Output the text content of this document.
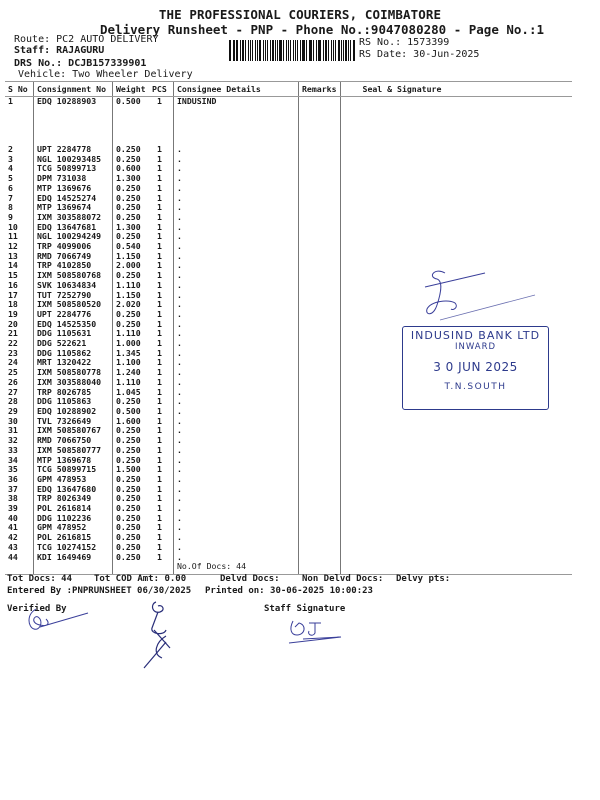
THE PROFESSIONAL COURIERS, COIMBATORE
Delivery Runsheet - PNP - Phone No.:9047080280 - Page No.:1
Route: PC2 AUTO DELIVERY
Staff: RAJAGURU
DRS No.: DCJB157339901
Vehicle: Two Wheeler Delivery
RS No.: 1573399
RS Date: 30-Jun-2025
S No	Consignment No	Weight	PCS	Consignee Details	Remarks	Seal & Signature
1	EDQ 10288903	0.500	1	INDUSIND		
2	UPT 2284778	0.250	1	.		
3	NGL 100293485	0.250	1	.		
4	TCG 50899713	0.600	1	.		
5	DPM 731038	1.300	1	.		
6	MTP 1369676	0.250	1	.		
7	EDQ 14525274	0.250	1	.		
8	MTP 1369674	0.250	1	.		
9	IXM 303588072	0.250	1	.		
10	EDQ 13647681	1.300	1	.		
11	NGL 100294249	0.250	1	.		
12	TRP 4099006	0.540	1	.		
13	RMD 7066749	1.150	1	.		
14	TRP 4102850	2.000	1	.		
15	IXM 508580768	0.250	1	.		
16	SVK 10634834	1.110	1	.		
17	TUT 7252790	1.150	1	.		
18	IXM 508580520	2.020	1	.		
19	UPT 2284776	0.250	1	.		
20	EDQ 14525350	0.250	1	.		
21	DDG 1105631	1.110	1	.		
22	DDG 522621	1.000	1	.		
23	DDG 1105862	1.345	1	.		
24	MRT 1320422	1.100	1	.		
25	IXM 508580778	1.240	1	.		
26	IXM 303588040	1.110	1	.		
27	TRP 8026785	1.045	1	.		
28	DDG 1105863	0.250	1	.		
29	EDQ 10288902	0.500	1	.		
30	TVL 7326649	1.600	1	.		
31	IXM 508580767	0.250	1	.		
32	RMD 7066750	0.250	1	.		
33	IXM 508580777	0.250	1	.		
34	MTP 1369678	0.250	1	.		
35	TCG 50899715	1.500	1	.		
36	GPM 478953	0.250	1	.		
37	EDQ 13647680	0.250	1	.		
38	TRP 8026349	0.250	1	.		
39	POL 2616814	0.250	1	.		
40	DDG 1102236	0.250	1	.		
41	GPM 478952	0.250	1	.		
42	POL 2616815	0.250	1	.		
43	TCG 10274152	0.250	1	.		
44	KDI 1649469	0.250	1	.		
				No.Of Docs: 44		
INDUSIND BANK LTD
INWARD
3 0 JUN 2025
T.N.SOUTH
Tot Docs: 44 Tot COD Amt: 0.00	Delvd Docs: Non Delvd Docs: Delvy pts:
Entered By :PNPRUNSHEET 06/30/2025 Printed on: 30-06-2025 10:00:23
Verified By	Staff Signature
